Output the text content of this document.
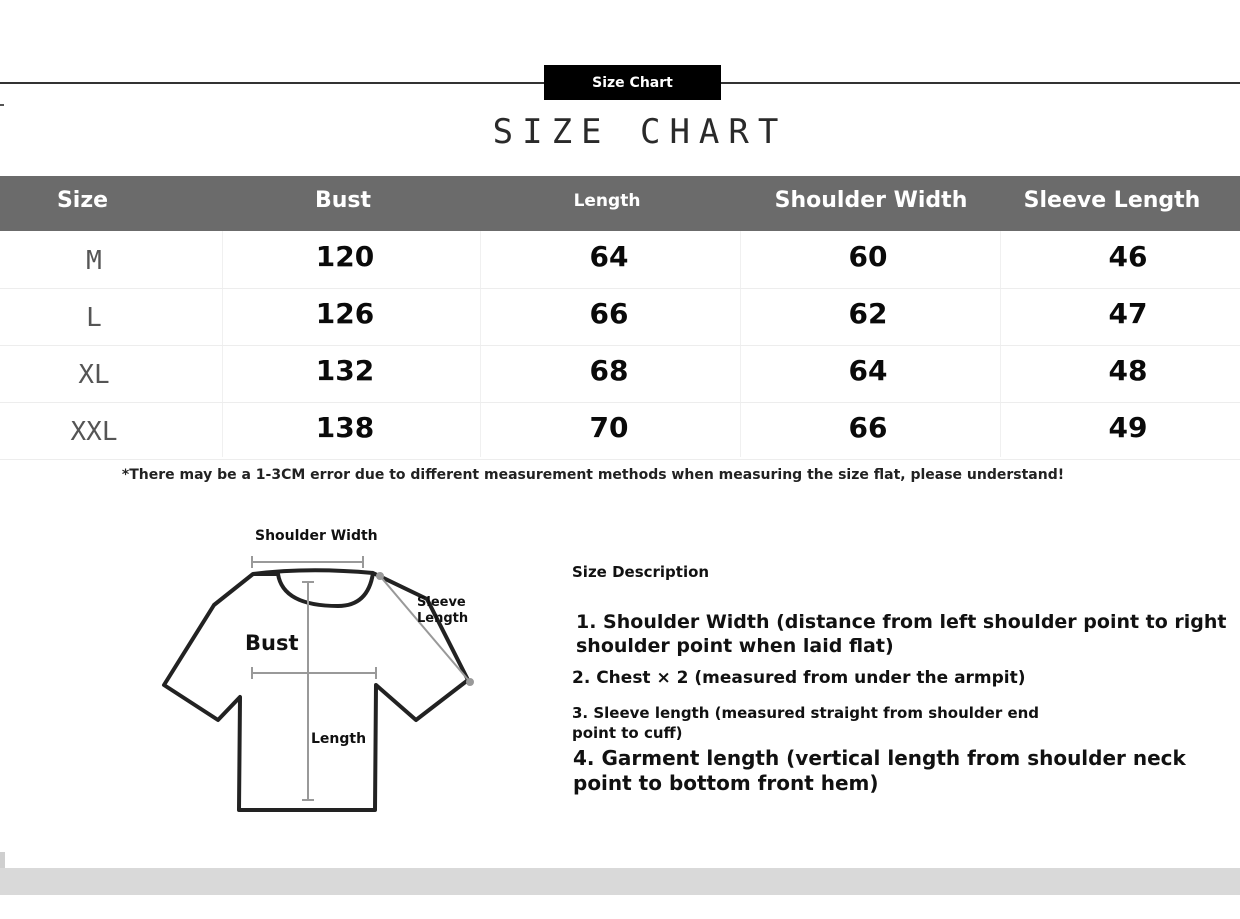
Size Chart
SIZE CHART
Size	Bust	Length	Shoulder Width	Sleeve Length
M	120	64	60	46
L	126	66	62	47
XL	132	68	64	48
XXL	138	70	66	49
*There may be a 1-3CM error due to different measurement methods when measuring the size flat, please understand!
Shoulder Width
Sleeve
Length
Bust
Length
Size Description
1. Shoulder Width (distance from left shoulder point to right
shoulder point when laid flat)
2. Chest × 2 (measured from under the armpit)
3. Sleeve length (measured straight from shoulder end
point to cuff)
4. Garment length (vertical length from shoulder neck
point to bottom front hem)
